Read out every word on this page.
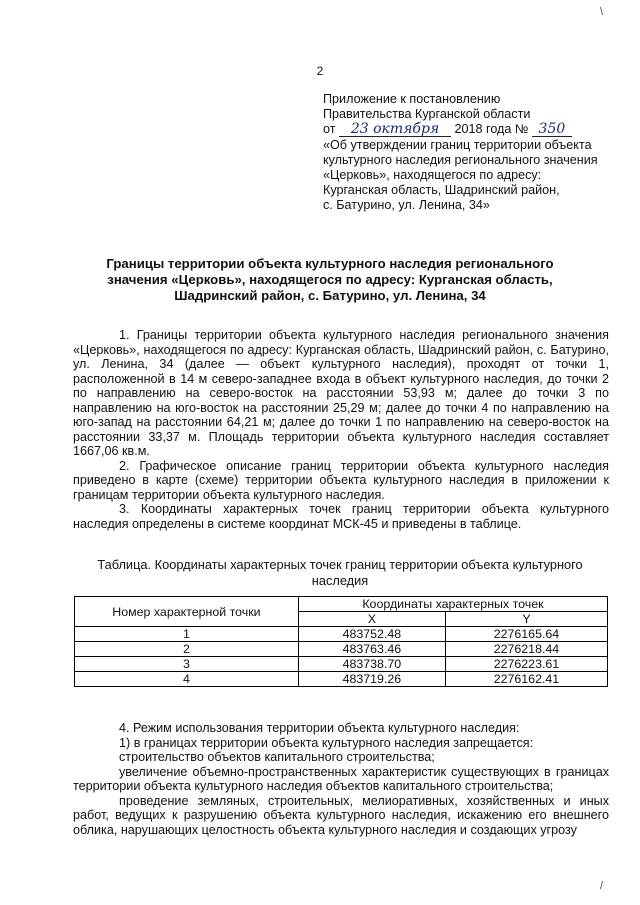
\
2
Приложение к постановлению
Правительства Курганской области
от 23 октября 2018 года № 350
«Об утверждении границ территории объекта
культурного наследия регионального значения
«Церковь», находящегося по адресу:
Курганская область, Шадринский район,
с. Батурино, ул. Ленина, 34»
Границы территории объекта культурного наследия регионального
значения «Церковь», находящегося по адресу: Курганская область,
Шадринский район, с. Батурино, ул. Ленина, 34

1. Границы территории объекта культурного наследия регионального значения «Церковь», находящегося по адресу: Курганская область, Шадринский район, с. Батурино, ул. Ленина, 34 (далее — объект культурного наследия), проходят от точки 1, расположенной в 14 м северо-западнее входа в объект культурного наследия, до точки 2 по направлению на северо-восток на расстоянии 53,93 м; далее до точки 3 по направлению на юго-восток на расстоянии 25,29 м; далее до точки 4 по направлению на юго-запад на расстоянии 64,21 м; далее до точки 1 по направлению на северо-восток на расстоянии 33,37 м. Площадь территории объекта культурного наследия составляет 1667,06 кв.м.

2. Графическое описание границ территории объекта культурного наследия приведено в карте (схеме) территории объекта культурного наследия в приложении к границам территории объекта культурного наследия.

3. Координаты характерных точек границ территории объекта культурного наследия определены в системе координат МСК-45 и приведены в таблице.

Таблица. Координаты характерных точек границ территории объекта культурного
наследия
Номер характерной точки	Координаты характерных точек	
	X	Y
1	483752.48	2276165.64
2	483763.46	2276218.44
3	483738.70	2276223.61
4	483719.26	2276162.41

4. Режим использования территории объекта культурного наследия:

1) в границах территории объекта культурного наследия запрещается:

строительство объектов капитального строительства;

увеличение объемно-пространственных характеристик существующих в границах территории объекта культурного наследия объектов капитального строительства;

проведение земляных, строительных, мелиоративных, хозяйственных и иных работ, ведущих к разрушению объекта культурного наследия, искажению его внешнего облика, нарушающих целостность объекта культурного наследия и создающих угрозу

/
